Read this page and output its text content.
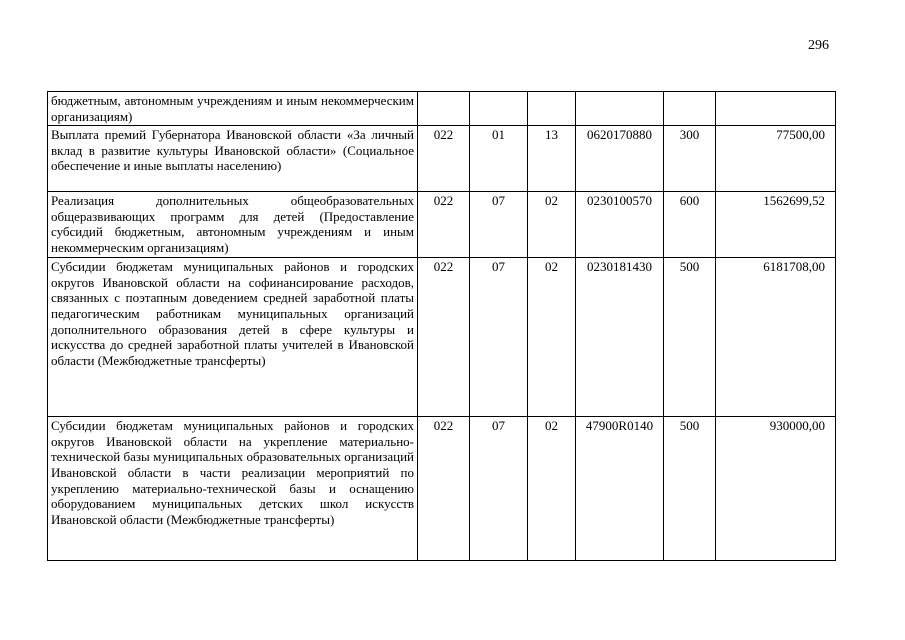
296
бюджетным, автономным учреждениям и иным некоммерческим организациям)						
Выплата премий Губернатора Ивановской области «За личный вклад в развитие культуры Ивановской области» (Социальное обеспечение и иные выплаты населению)	022	01	13	0620170880	300	77500,00
Реализация дополнительных общеобразовательных общеразвивающих программ для детей (Предоставление субсидий бюджетным, автономным учреждениям и иным некоммерческим организациям)	022	07	02	0230100570	600	1562699,52
Субсидии бюджетам муниципальных районов и городских округов Ивановской области на софинансирование расходов, связанных с поэтапным доведением средней заработной платы педагогическим работникам муниципальных организаций дополнительного образования детей в сфере культуры и искусства до средней заработной платы учителей в Ивановской области (Межбюджетные трансферты)	022	07	02	0230181430	500	6181708,00
Субсидии бюджетам муниципальных районов и городских округов Ивановской области на укрепление материально-технической базы муниципальных образовательных организаций Ивановской области в части реализации мероприятий по укреплению материально-технической базы и оснащению оборудованием муниципальных детских школ искусств Ивановской области (Межбюджетные трансферты)	022	07	02	47900R0140	500	930000,00
